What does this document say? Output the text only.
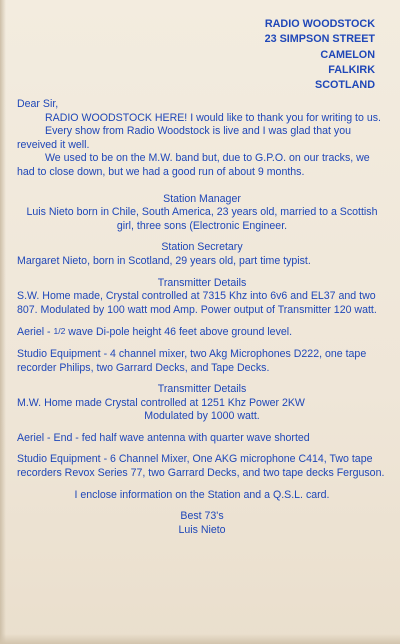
RADIO WOODSTOCK
23 SIMPSON STREET
CAMELON
FALKIRK
SCOTLAND

Dear Sir,

RADIO WOODSTOCK HERE! I would like to thank you for writing to us.

Every show from Radio Woodstock is live and I was glad that you reveived it well.

We used to be on the M.W. band but, due to G.P.O. on our tracks, we had to close down, but we had a good run of about 9 months.

Station Manager

Luis Nieto born in Chile, South America, 23 years old, married to a Scottish girl, three sons (Electronic Engineer.

Station Secretary

Margaret Nieto, born in Scotland, 29 years old, part time typist.

Transmitter Details

S.W. Home made, Crystal controlled at 7315 Khz into 6v6 and EL37 and two 807. Modulated by 100 watt mod Amp. Power output of Transmitter 120 watt.

Aeriel - 1/2 wave Di-pole height 46 feet above ground level.

Studio Equipment - 4 channel mixer, two Akg Microphones D222, one tape recorder Philips, two Garrard Decks, and Tape Decks.

Transmitter Details

M.W. Home made Crystal controlled at 1251 Khz Power 2KW

Modulated by 1000 watt.

Aeriel - End - fed half wave antenna with quarter wave shorted

Studio Equipment - 6 Channel Mixer, One AKG microphone C414, Two tape recorders Revox Series 77, two Garrard Decks, and two tape decks Ferguson.

I enclose information on the Station and a Q.S.L. card.

Best 73's

Luis Nieto
